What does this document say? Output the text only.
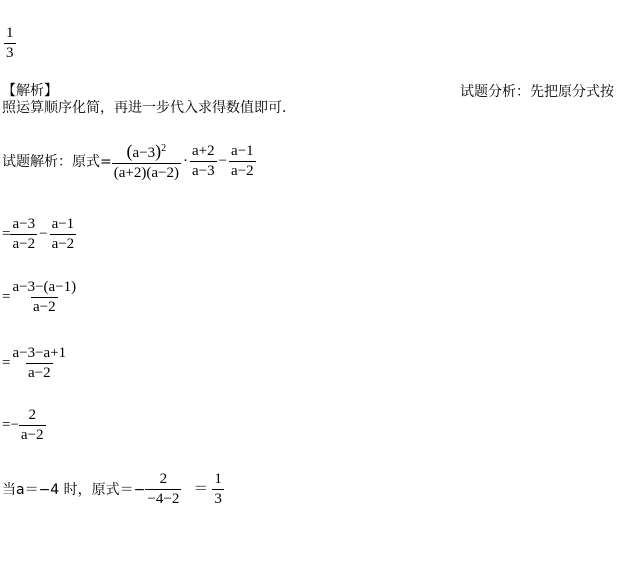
$\frac{1}{3}$
【解析】	试题分析：先把原分式按
照运算顺序化简，再进一步代入求得数值即可．
试题解析：原式= $\frac{(a-3)^2}{(a+2)(a-2)} \cdot \frac{a+2}{a-3} - \frac{a-1}{a-2}$
= $\frac{a-3}{a-2} - \frac{a-1}{a-2}$
= $\frac{a-3-(a-1)}{a-2}$
= $\frac{a-3-a+1}{a-2}$
=− $\frac{2}{a-2}$
当a＝−4 时，原式＝− $\frac{2}{-4-2} = \frac{1}{3}$
